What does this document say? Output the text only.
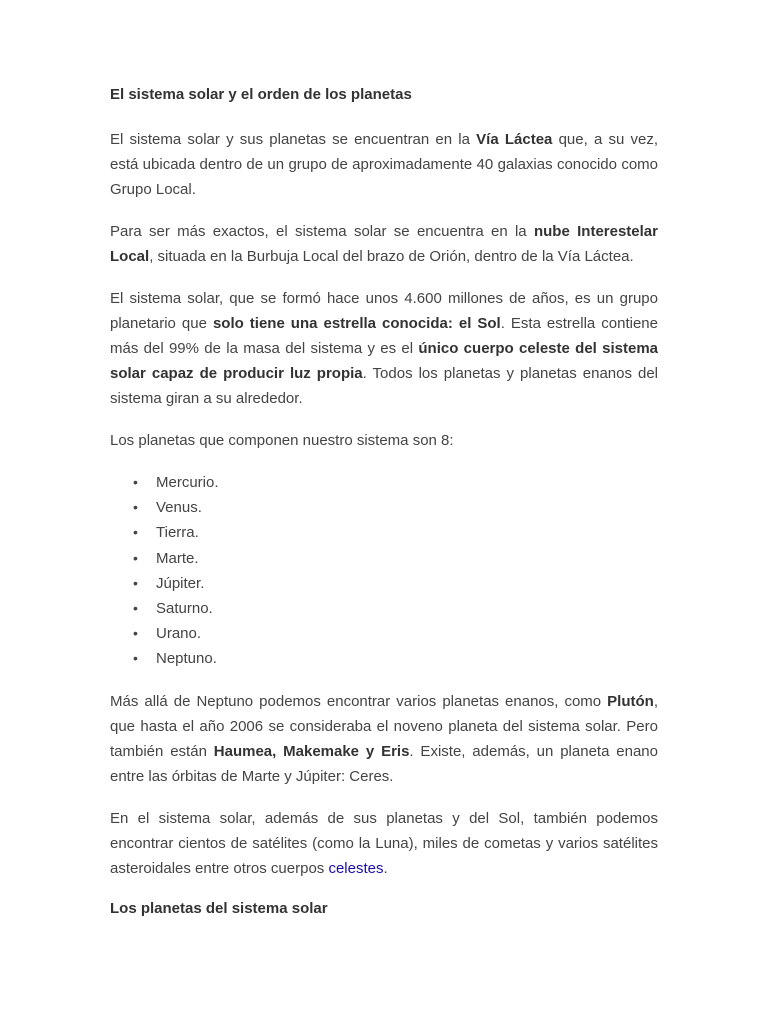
El sistema solar y el orden de los planetas

El sistema solar y sus planetas se encuentran en la Vía Láctea que, a su vez, está ubicada dentro de un grupo de aproximadamente 40 galaxias conocido como Grupo Local.

Para ser más exactos, el sistema solar se encuentra en la nube Interestelar Local, situada en la Burbuja Local del brazo de Orión, dentro de la Vía Láctea.

El sistema solar, que se formó hace unos 4.600 millones de años, es un grupo planetario que solo tiene una estrella conocida: el Sol. Esta estrella contiene más del 99% de la masa del sistema y es el único cuerpo celeste del sistema solar capaz de producir luz propia. Todos los planetas y planetas enanos del sistema giran a su alrededor.

Los planetas que componen nuestro sistema son 8:

• Mercurio.
• Venus.
• Tierra.
• Marte.
• Júpiter.
• Saturno.
• Urano.
• Neptuno.

Más allá de Neptuno podemos encontrar varios planetas enanos, como Plutón, que hasta el año 2006 se consideraba el noveno planeta del sistema solar. Pero también están Haumea, Makemake y Eris. Existe, además, un planeta enano entre las órbitas de Marte y Júpiter: Ceres.

En el sistema solar, además de sus planetas y del Sol, también podemos encontrar cientos de satélites (como la Luna), miles de cometas y varios satélites asteroidales entre otros cuerpos celestes.

Los planetas del sistema solar
